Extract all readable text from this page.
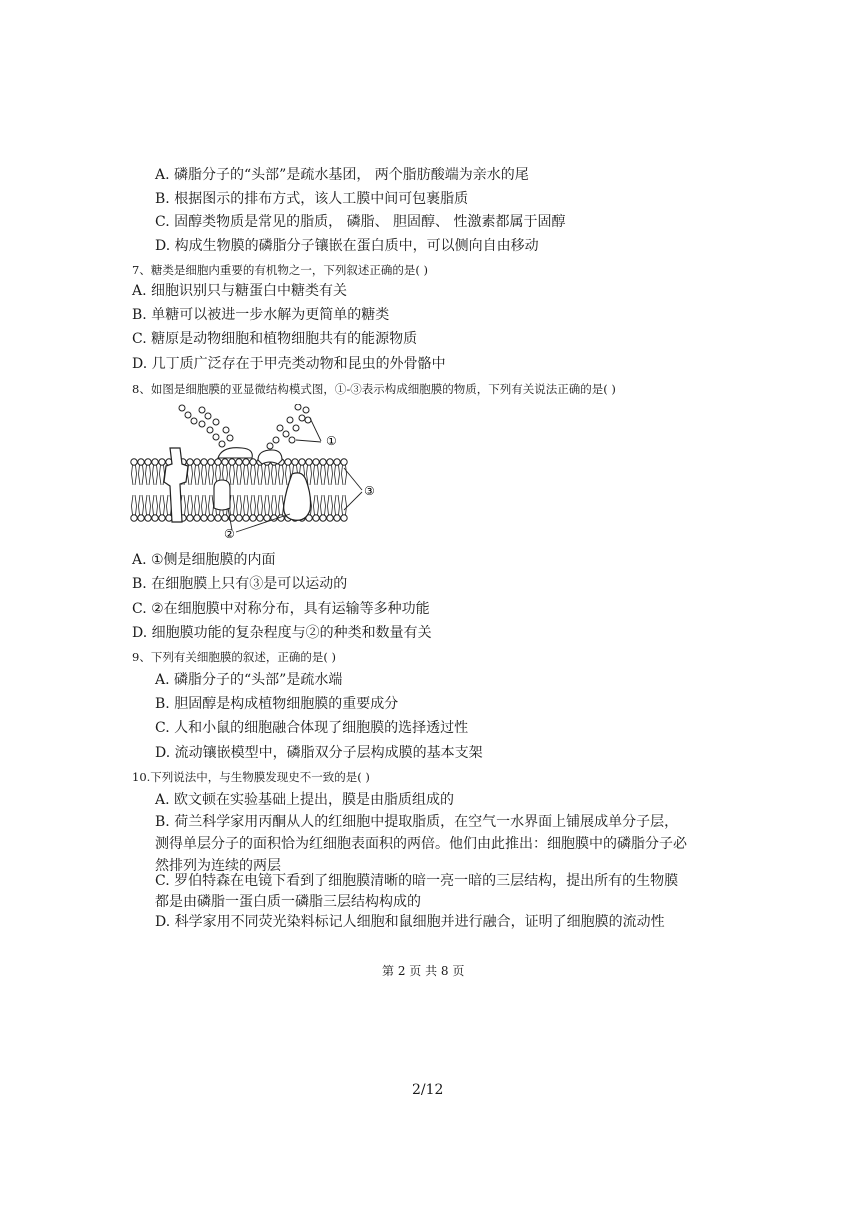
A. 磷脂分子的“头部”是疏水基团， 两个脂肪酸端为亲水的尾
B. 根据图示的排布方式，该人工膜中间可包裹脂质
C. 固醇类物质是常见的脂质， 磷脂、 胆固醇、 性激素都属于固醇
D. 构成生物膜的磷脂分子镶嵌在蛋白质中，可以侧向自由移动
7、糖类是细胞内重要的有机物之一，下列叙述正确的是( )
A. 细胞识别只与糖蛋白中糖类有关
B. 单糖可以被进一步水解为更简单的糖类
C. 糖原是动物细胞和植物细胞共有的能源物质
D. 几丁质广泛存在于甲壳类动物和昆虫的外骨骼中
8、如图是细胞膜的亚显微结构模式图，①-③表示构成细胞膜的物质，下列有关说法正确的是( )
①
③
②
A. ①侧是细胞膜的内面
B. 在细胞膜上只有③是可以运动的
C. ②在细胞膜中对称分布，具有运输等多种功能
D. 细胞膜功能的复杂程度与②的种类和数量有关
9、下列有关细胞膜的叙述，正确的是( )
A. 磷脂分子的“头部”是疏水端
B. 胆固醇是构成植物细胞膜的重要成分
C. 人和小鼠的细胞融合体现了细胞膜的选择透过性
D. 流动镶嵌模型中，磷脂双分子层构成膜的基本支架
10.下列说法中，与生物膜发现史不一致的是( )
A. 欧文顿在实验基础上提出，膜是由脂质组成的
B. 荷兰科学家用丙酮从人的红细胞中提取脂质，在空气一水界面上铺展成单分子层，
测得单层分子的面积恰为红细胞表面积的两倍。他们由此推出：细胞膜中的磷脂分子必
然排列为连续的两层
C. 罗伯特森在电镜下看到了细胞膜清晰的暗一亮一暗的三层结构，提出所有的生物膜
都是由磷脂一蛋白质一磷脂三层结构构成的
D. 科学家用不同荧光染料标记人细胞和鼠细胞并进行融合，证明了细胞膜的流动性
第 2 页 共 8 页
2/12
